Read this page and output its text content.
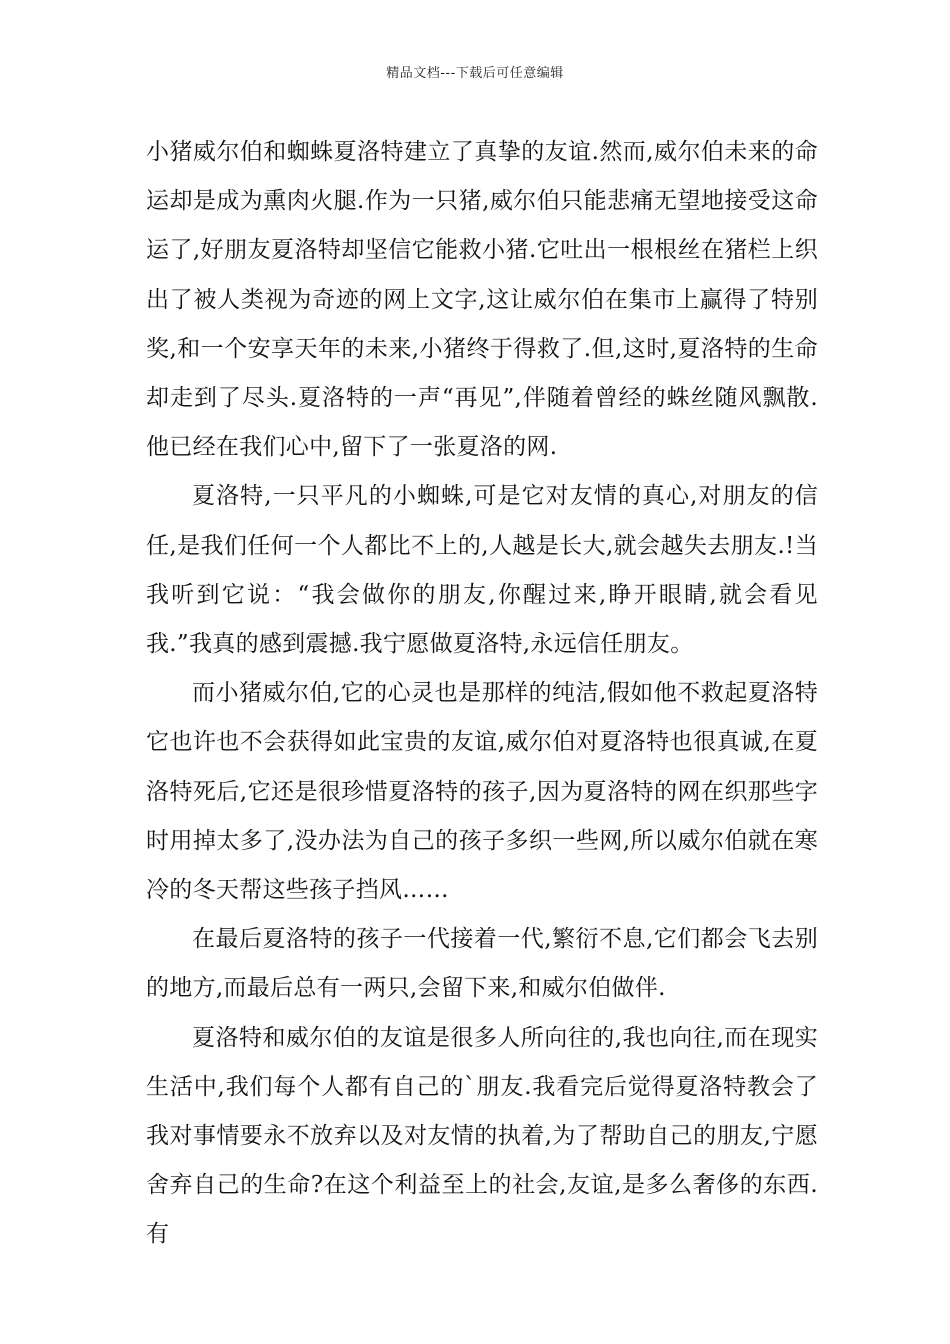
精品文档---下载后可任意编辑

小猪威尔伯和蜘蛛夏洛特建立了真挚的友谊.然而,威尔伯未来的命运却是成为熏肉火腿.作为一只猪,威尔伯只能悲痛无望地接受这命运了,好朋友夏洛特却坚信它能救小猪.它吐出一根根丝在猪栏上织出了被人类视为奇迹的网上文字,这让威尔伯在集市上赢得了特别奖,和一个安享天年的未来,小猪终于得救了.但,这时,夏洛特的生命却走到了尽头.夏洛特的一声“再见”,伴随着曾经的蛛丝随风飘散.他已经在我们心中,留下了一张夏洛的网.

夏洛特,一只平凡的小蜘蛛,可是它对友情的真心,对朋友的信任,是我们任何一个人都比不上的,人越是长大,就会越失去朋友.!当我听到它说：“我会做你的朋友,你醒过来,睁开眼睛,就会看见我.”我真的感到震撼.我宁愿做夏洛特,永远信任朋友。

而小猪威尔伯,它的心灵也是那样的纯洁,假如他不救起夏洛特它也许也不会获得如此宝贵的友谊,威尔伯对夏洛特也很真诚,在夏洛特死后,它还是很珍惜夏洛特的孩子,因为夏洛特的网在织那些字时用掉太多了,没办法为自己的孩子多织一些网,所以威尔伯就在寒冷的冬天帮这些孩子挡风……

在最后夏洛特的孩子一代接着一代,繁衍不息,它们都会飞去别的地方,而最后总有一两只,会留下来,和威尔伯做伴.

夏洛特和威尔伯的友谊是很多人所向往的,我也向往,而在现实生活中,我们每个人都有自己的`朋友.我看完后觉得夏洛特教会了我对事情要永不放弃以及对友情的执着,为了帮助自己的朋友,宁愿舍弃自己的生命?在这个利益至上的社会,友谊,是多么奢侈的东西.有
